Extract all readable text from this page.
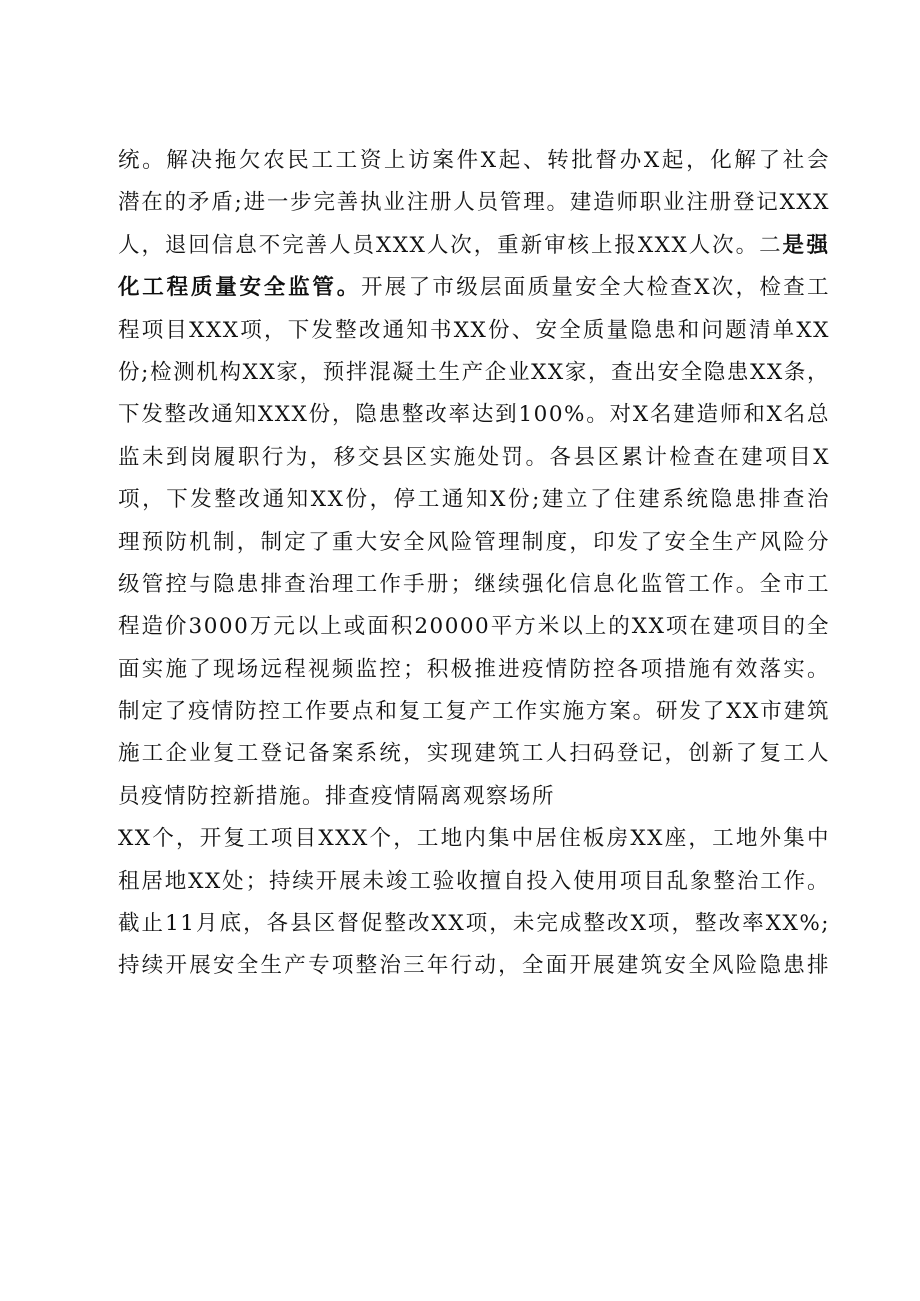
统。解决拖欠农民工工资上访案件X起、转批督办X起，化解了社会
潜在的矛盾;进一步完善执业注册人员管理。建造师职业注册登记XXX
人，退回信息不完善人员XXX人次，重新审核上报XXX人次。二是强
化工程质量安全监管。开展了市级层面质量安全大检查X次，检查工
程项目XXX项，下发整改通知书XX份、安全质量隐患和问题清单XX
份;检测机构XX家，预拌混凝土生产企业XX家，查出安全隐患XX条，
下发整改通知XXX份，隐患整改率达到100%。对X名建造师和X名总
监未到岗履职行为，移交县区实施处罚。各县区累计检查在建项目X
项，下发整改通知XX份，停工通知X份;建立了住建系统隐患排查治
理预防机制，制定了重大安全风险管理制度，印发了安全生产风险分
级管控与隐患排查治理工作手册；继续强化信息化监管工作。全市工
程造价3000万元以上或面积20000平方米以上的XX项在建项目的全
面实施了现场远程视频监控；积极推进疫情防控各项措施有效落实。
制定了疫情防控工作要点和复工复产工作实施方案。研发了XX市建筑
施工企业复工登记备案系统，实现建筑工人扫码登记，创新了复工人
员疫情防控新措施。排查疫情隔离观察场所
XX个，开复工项目XXX个，工地内集中居住板房XX座，工地外集中
租居地XX处；持续开展未竣工验收擅自投入使用项目乱象整治工作。
截止11月底，各县区督促整改XX项，未完成整改X项，整改率XX%;
持续开展安全生产专项整治三年行动，全面开展建筑安全风险隐患排
